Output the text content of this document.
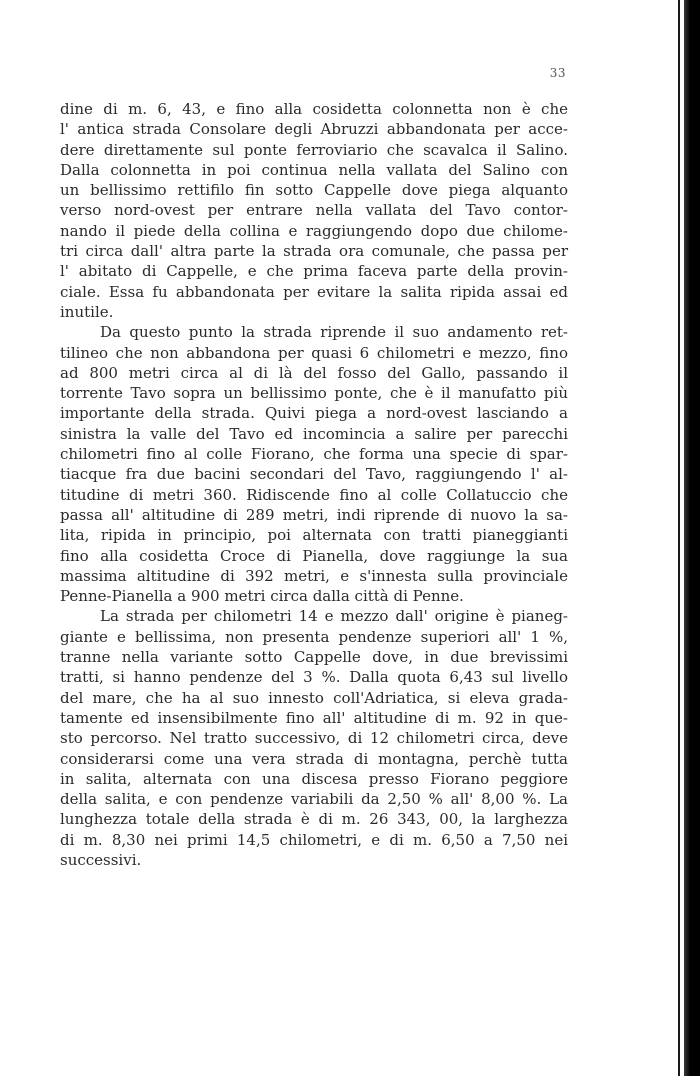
33
dine di m. 6, 43, e fino alla cosidetta colonnetta non è che
l' antica strada Consolare degli Abruzzi abbandonata per acce-
dere direttamente sul ponte ferroviario che scavalca il Salino.
Dalla colonnetta in poi continua nella vallata del Salino con
un bellissimo rettifilo fin sotto Cappelle dove piega alquanto
verso nord-ovest per entrare nella vallata del Tavo contor-
nando il piede della collina e raggiungendo dopo due chilome-
tri circa dall' altra parte la strada ora comunale, che passa per
l' abitato di Cappelle, e che prima faceva parte della provin-
ciale. Essa fu abbandonata per evitare la salita ripida assai ed
inutile.
Da questo punto la strada riprende il suo andamento ret-
tilineo che non abbandona per quasi 6 chilometri e mezzo, fino
ad 800 metri circa al di là del fosso del Gallo, passando il
torrente Tavo sopra un bellissimo ponte, che è il manufatto più
importante della strada. Quivi piega a nord-ovest lasciando a
sinistra la valle del Tavo ed incomincia a salire per parecchi
chilometri fino al colle Fiorano, che forma una specie di spar-
tiacque fra due bacini secondari del Tavo, raggiungendo l' al-
titudine di metri 360. Ridiscende fino al colle Collatuccio che
passa all' altitudine di 289 metri, indi riprende di nuovo la sa-
lita, ripida in principio, poi alternata con tratti pianeggianti
fino alla cosidetta Croce di Pianella, dove raggiunge la sua
massima altitudine di 392 metri, e s'innesta sulla provinciale
Penne-Pianella a 900 metri circa dalla città di Penne.
La strada per chilometri 14 e mezzo dall' origine è pianeg-
giante e bellissima, non presenta pendenze superiori all' 1 %,
tranne nella variante sotto Cappelle dove, in due brevissimi
tratti, si hanno pendenze del 3 %. Dalla quota 6,43 sul livello
del mare, che ha al suo innesto coll'Adriatica, si eleva grada-
tamente ed insensibilmente fino all' altitudine di m. 92 in que-
sto percorso. Nel tratto successivo, di 12 chilometri circa, deve
considerarsi come una vera strada di montagna, perchè tutta
in salita, alternata con una discesa presso Fiorano peggiore
della salita, e con pendenze variabili da 2,50 % all' 8,00 %. La
lunghezza totale della strada è di m. 26 343, 00, la larghezza
di m. 8,30 nei primi 14,5 chilometri, e di m. 6,50 a 7,50 nei
successivi.
